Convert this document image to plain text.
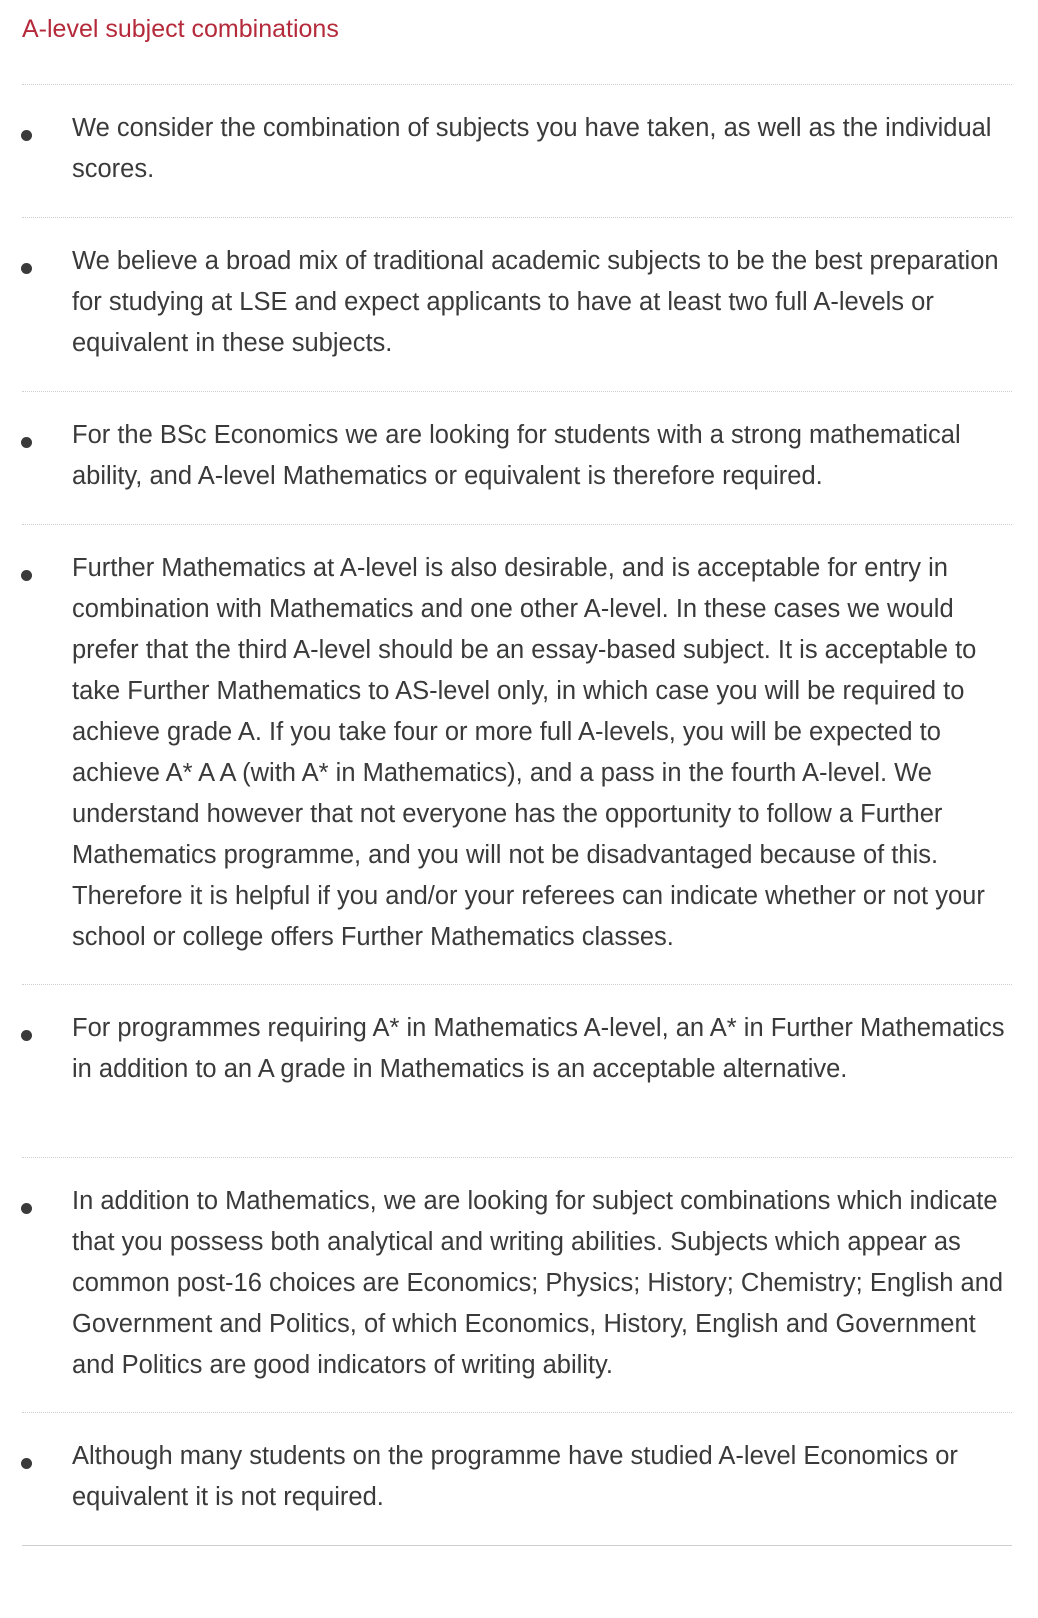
A-level subject combinations

We consider the combination of subjects you have taken, as well as the individual scores.

We believe a broad mix of traditional academic subjects to be the best preparation for studying at LSE and expect applicants to have at least two full A-levels or equivalent in these subjects.

For the BSc Economics we are looking for students with a strong mathematical ability, and A-level Mathematics or equivalent is therefore required.

Further Mathematics at A-level is also desirable, and is acceptable for entry in combination with Mathematics and one other A-level. In these cases we would prefer that the third A-level should be an essay-based subject. It is acceptable to take Further Mathematics to AS-level only, in which case you will be required to achieve grade A. If you take four or more full A-levels, you will be expected to achieve A* A A (with A* in Mathematics), and a pass in the fourth A-level. We understand however that not everyone has the opportunity to follow a Further Mathematics programme, and you will not be disadvantaged because of this. Therefore it is helpful if you and/or your referees can indicate whether or not your school or college offers Further Mathematics classes.

For programmes requiring A* in Mathematics A-level, an A* in Further Mathematics in addition to an A grade in Mathematics is an acceptable alternative.

In addition to Mathematics, we are looking for subject combinations which indicate that you possess both analytical and writing abilities. Subjects which appear as common post-16 choices are Economics; Physics; History; Chemistry; English and Government and Politics, of which Economics, History, English and Government and Politics are good indicators of writing ability.

Although many students on the programme have studied A-level Economics or equivalent it is not required.
